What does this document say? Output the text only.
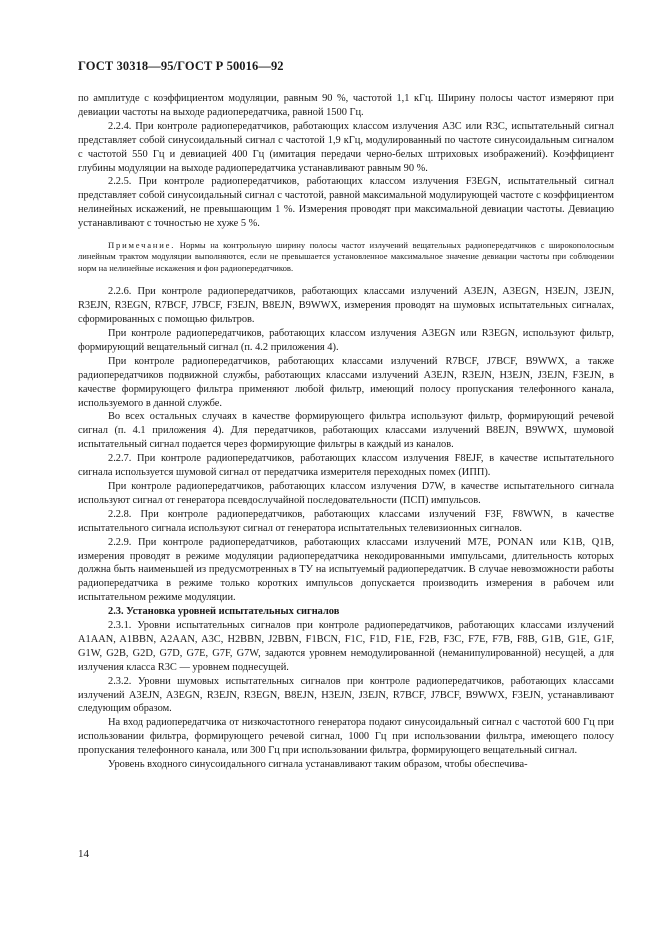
ГОСТ 30318—95/ГОСТ Р 50016—92

по амплитуде с коэффициентом модуляции, равным 90 %, частотой 1,1 кГц. Ширину полосы частот измеряют при девиации частоты на выходе радиопередатчика, равной 1500 Гц.

2.2.4. При контроле радиопередатчиков, работающих классом излучения А3С или R3C, испытательный сигнал представляет собой синусоидальный сигнал с частотой 1,9 кГц, модулированный по частоте синусоидальным сигналом с частотой 550 Гц и девиацией 400 Гц (имитация передачи черно-белых штриховых изображений). Коэффициент глубины модуляции на выходе радиопередатчика устанавливают равным 90 %.

2.2.5. При контроле радиопередатчиков, работающих классом излучения F3EGN, испытательный сигнал представляет собой синусоидальный сигнал с частотой, равной максимальной модулирующей частоте с коэффициентом нелинейных искажений, не превышающим 1 %. Измерения проводят при максимальной девиации частоты. Девиацию устанавливают с точностью не хуже 5 %.

Примечание. Нормы на контрольную ширину полосы частот излучений вещательных радиопередатчиков с широкополосным линейным трактом модуляции выполняются, если не превышается установленное максимальное значение девиации частоты при соблюдении норм на нелинейные искажения и фон радиопередатчиков.

2.2.6. При контроле радиопередатчиков, работающих классами излучений A3EJN, A3EGN, H3EJN, J3EJN, R3EJN, R3EGN, R7BCF, J7BCF, F3EJN, B8EJN, B9WWX, измерения проводят на шумовых испытательных сигналах, сформированных с помощью фильтров.

При контроле радиопередатчиков, работающих классом излучения A3EGN или R3EGN, используют фильтр, формирующий вещательный сигнал (п. 4.2 приложения 4).

При контроле радиопередатчиков, работающих классами излучений R7BCF, J7BCF, B9WWX, а также радиопередатчиков подвижной службы, работающих классами излучений A3EJN, R3EJN, H3EJN, J3EJN, F3EJN, в качестве формирующего фильтра применяют любой фильтр, имеющий полосу пропускания телефонного канала, используемого в данной службе.

Во всех остальных случаях в качестве формирующего фильтра используют фильтр, формирующий речевой сигнал (п. 4.1 приложения 4). Для передатчиков, работающих классами излучений B8EJN, B9WWX, шумовой испытательный сигнал подается через формирующие фильтры в каждый из каналов.

2.2.7. При контроле радиопередатчиков, работающих классом излучения F8EJF, в качестве испытательного сигнала используется шумовой сигнал от передатчика измерителя переходных помех (ИПП).

При контроле радиопередатчиков, работающих классом излучения D7W, в качестве испытательного сигнала используют сигнал от генератора псевдослучайной последовательности (ПСП) импульсов.

2.2.8. При контроле радиопередатчиков, работающих классами излучений F3F, F8WWN, в качестве испытательного сигнала используют сигнал от генератора испытательных телевизионных сигналов.

2.2.9. При контроле радиопередатчиков, работающих классами излучений M7E, PONAN или K1B, Q1B, измерения проводят в режиме модуляции радиопередатчика некодированными импульсами, длительность которых должна быть наименьшей из предусмотренных в ТУ на испытуемый радиопередатчик. В случае невозможности работы радиопередатчика в режиме только коротких импульсов допускается производить измерения в рабочем или испытательном режиме модуляции.

2.3. Установка уровней испытательных сигналов

2.3.1. Уровни испытательных сигналов при контроле радиопередатчиков, работающих классами излучений A1AAN, A1BBN, A2AAN, A3C, H2BBN, J2BBN, F1BCN, F1C, F1D, F1E, F2B, F3C, F7E, F7B, F8B, G1B, G1E, G1F, G1W, G2B, G2D, G7D, G7E, G7F, G7W, задаются уровнем немодулированной (неманипулированной) несущей, а для излучения класса R3C — уровнем поднесущей.

2.3.2. Уровни шумовых испытательных сигналов при контроле радиопередатчиков, работающих классами излучений A3EJN, A3EGN, R3EJN, R3EGN, B8EJN, H3EJN, J3EJN, R7BCF, J7BCF, B9WWX, F3EJN, устанавливают следующим образом.

На вход радиопередатчика от низкочастотного генератора подают синусоидальный сигнал с частотой 600 Гц при использовании фильтра, формирующего речевой сигнал, 1000 Гц при использовании фильтра, имеющего полосу пропускания телефонного канала, или 300 Гц при использовании фильтра, формирующего вещательный сигнал.

Уровень входного синусоидального сигнала устанавливают таким образом, чтобы обеспечива-

14
